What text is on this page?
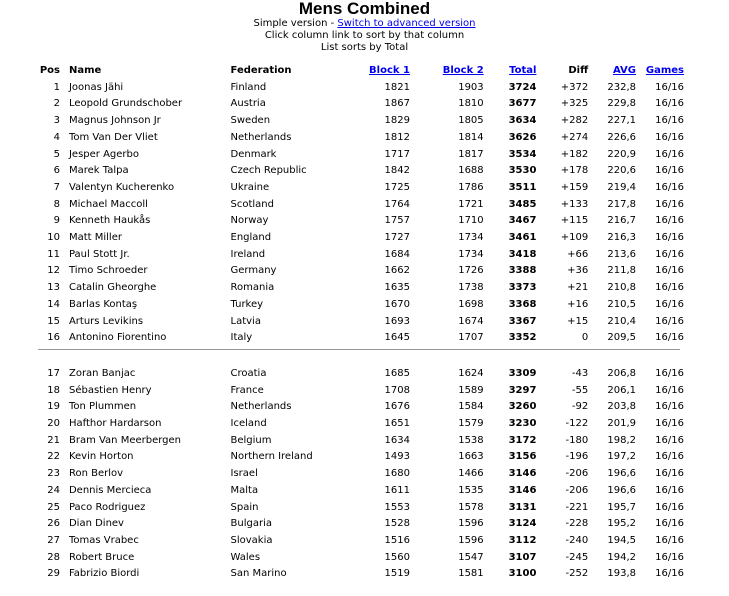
Mens Combined
Simple version - Switch to advanced version
Click column link to sort by that column
List sorts by Total
Pos	Name	Federation	Block 1	Block 2	Total	Diff	AVG	Games
1	Joonas Jähi	Finland	1821	1903	3724	+372	232,8	16/16
2	Leopold Grundschober	Austria	1867	1810	3677	+325	229,8	16/16
3	Magnus Johnson Jr	Sweden	1829	1805	3634	+282	227,1	16/16
4	Tom Van Der Vliet	Netherlands	1812	1814	3626	+274	226,6	16/16
5	Jesper Agerbo	Denmark	1717	1817	3534	+182	220,9	16/16
6	Marek Talpa	Czech Republic	1842	1688	3530	+178	220,6	16/16
7	Valentyn Kucherenko	Ukraine	1725	1786	3511	+159	219,4	16/16
8	Michael Maccoll	Scotland	1764	1721	3485	+133	217,8	16/16
9	Kenneth Haukås	Norway	1757	1710	3467	+115	216,7	16/16
10	Matt Miller	England	1727	1734	3461	+109	216,3	16/16
11	Paul Stott Jr.	Ireland	1684	1734	3418	+66	213,6	16/16
12	Timo Schroeder	Germany	1662	1726	3388	+36	211,8	16/16
13	Catalin Gheorghe	Romania	1635	1738	3373	+21	210,8	16/16
14	Barlas Kontaş	Turkey	1670	1698	3368	+16	210,5	16/16
15	Arturs Levikins	Latvia	1693	1674	3367	+15	210,4	16/16
16	Antonino Fiorentino	Italy	1645	1707	3352	0	209,5	16/16

17	Zoran Banjac	Croatia	1685	1624	3309	-43	206,8	16/16
18	Sébastien Henry	France	1708	1589	3297	-55	206,1	16/16
19	Ton Plummen	Netherlands	1676	1584	3260	-92	203,8	16/16
20	Hafthor Hardarson	Iceland	1651	1579	3230	-122	201,9	16/16
21	Bram Van Meerbergen	Belgium	1634	1538	3172	-180	198,2	16/16
22	Kevin Horton	Northern Ireland	1493	1663	3156	-196	197,2	16/16
23	Ron Berlov	Israel	1680	1466	3146	-206	196,6	16/16
24	Dennis Mercieca	Malta	1611	1535	3146	-206	196,6	16/16
25	Paco Rodriguez	Spain	1553	1578	3131	-221	195,7	16/16
26	Dian Dinev	Bulgaria	1528	1596	3124	-228	195,2	16/16
27	Tomas Vrabec	Slovakia	1516	1596	3112	-240	194,5	16/16
28	Robert Bruce	Wales	1560	1547	3107	-245	194,2	16/16
29	Fabrizio Biordi	San Marino	1519	1581	3100	-252	193,8	16/16
